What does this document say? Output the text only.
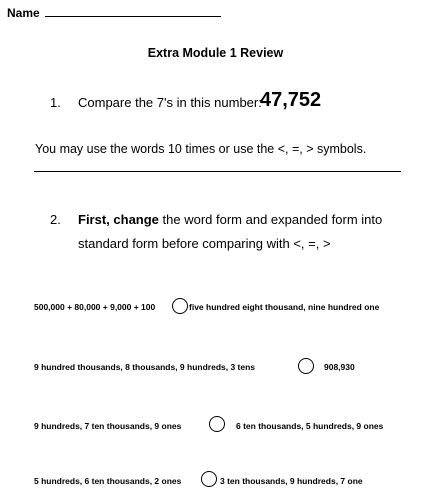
Name
Extra Module 1 Review
1. Compare the 7's in this number:
47,752
You may use the words 10 times or use the <, =, > symbols.
2. First, change the word form and expanded form into
standard form before comparing with <, =, >
500,000 + 80,000 + 9,000 + 100	five hundred eight thousand, nine hundred one
9 hundred thousands, 8 thousands, 9 hundreds, 3 tens	908,930
9 hundreds, 7 ten thousands, 9 ones	6 ten thousands, 5 hundreds, 9 ones
5 hundreds, 6 ten thousands, 2 ones	3 ten thousands, 9 hundreds, 7 one
